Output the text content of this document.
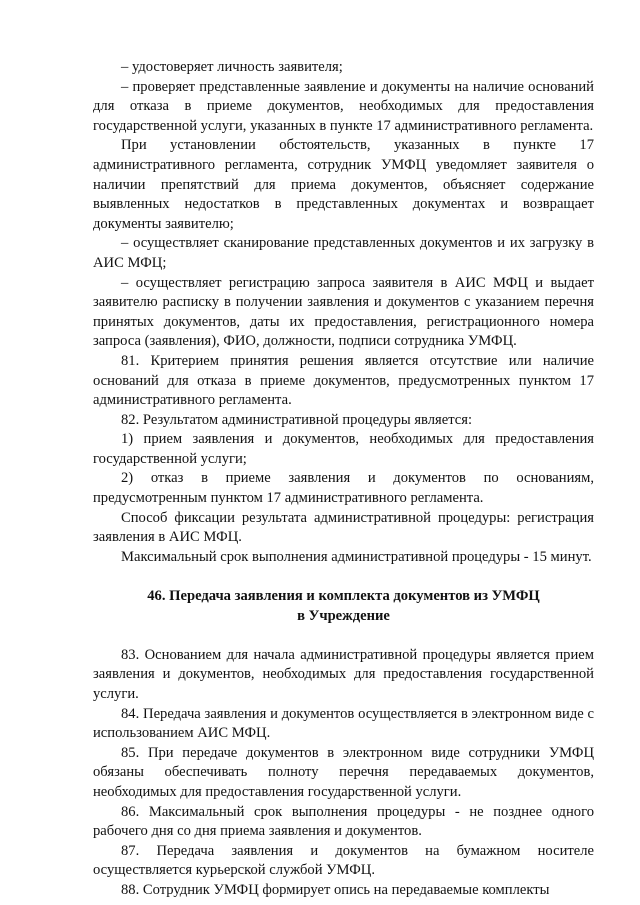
– удостоверяет личность заявителя;

– проверяет представленные заявление и документы на наличие оснований для отказа в приеме документов, необходимых для предоставления государственной услуги, указанных в пункте 17 административного регламента.

При установлении обстоятельств, указанных в пункте 17 административного регламента, сотрудник УМФЦ уведомляет заявителя о наличии препятствий для приема документов, объясняет содержание выявленных недостатков в представленных документах и возвращает документы заявителю;

– осуществляет сканирование представленных документов и их загрузку в АИС МФЦ;

– осуществляет регистрацию запроса заявителя в АИС МФЦ и выдает заявителю расписку в получении заявления и документов с указанием перечня принятых документов, даты их предоставления, регистрационного номера запроса (заявления), ФИО, должности, подписи сотрудника УМФЦ.

81. Критерием принятия решения является отсутствие или наличие оснований для отказа в приеме документов, предусмотренных пунктом 17 административного регламента.

82. Результатом административной процедуры является:

1) прием заявления и документов, необходимых для предоставления государственной услуги;

2) отказ в приеме заявления и документов по основаниям, предусмотренным пунктом 17 административного регламента.

Способ фиксации результата административной процедуры: регистрация заявления в АИС МФЦ.

Максимальный срок выполнения административной процедуры - 15 минут.

46. Передача заявления и комплекта документов из УМФЦ

в Учреждение

83. Основанием для начала административной процедуры является прием заявления и документов, необходимых для предоставления государственной услуги.

84. Передача заявления и документов осуществляется в электронном виде с использованием АИС МФЦ.

85. При передаче документов в электронном виде сотрудники УМФЦ обязаны обеспечивать полноту перечня передаваемых документов, необходимых для предоставления государственной услуги.

86. Максимальный срок выполнения процедуры - не позднее одного рабочего дня со дня приема заявления и документов.

87. Передача заявления и документов на бумажном носителе осуществляется курьерской службой УМФЦ.

88. Сотрудник УМФЦ формирует опись на передаваемые комплекты
